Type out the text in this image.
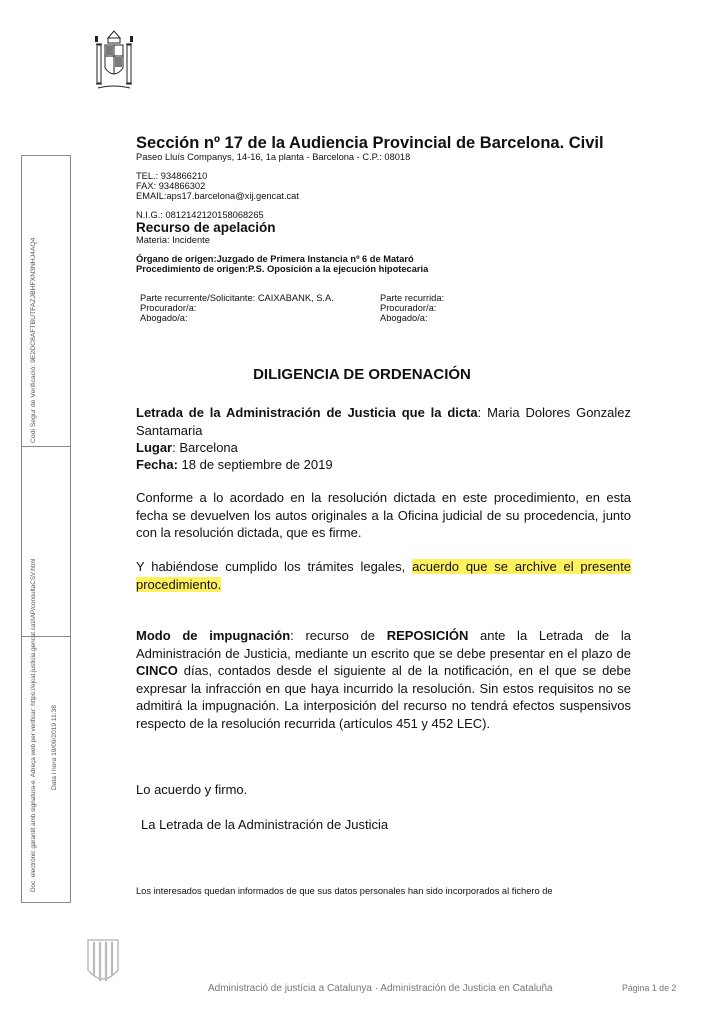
Sección nº 17 de la Audiencia Provincial de Barcelona. Civil
Paseo Lluís Companys, 14-16, 1a planta - Barcelona - C.P.: 08018
TEL.: 934866210
FAX: 934866302
EMAIL:aps17.barcelona@xij.gencat.cat
N.I.G.: 0812142120158068265
Recurso de apelación
Materia: Incidente
Órgano de origen:Juzgado de Primera Instancia nº 6 de Mataró
Procedimiento de origen:P.S. Oposición a la ejecución hipotecaria
Parte recurrente/Solicitante: CAIXABANK, S.A.
Procurador/a:
Abogado/a:
Parte recurrida:
Procurador/a:
Abogado/a:
Codi Segur de Verificació: 9E2DC8AFTBUTFAZJBHFXN3NHJ4AQ4
Doc. electrònic garantit amb signatura-e. Adreça web per verificar: https://ejcat.justicia.gencat.cat/IAP/consultaCSV.html Data i hora 19/09/2019 11:38
DILIGENCIA DE ORDENACIÓN
Letrada de la Administración de Justicia que la dicta: Maria Dolores Gonzalez Santamaria
Lugar: Barcelona
Fecha: 18 de septiembre de 2019
Conforme a lo acordado en la resolución dictada en este procedimiento, en esta fecha se devuelven los autos originales a la Oficina judicial de su procedencia, junto con la resolución dictada, que es firme.
Y habiéndose cumplido los trámites legales, acuerdo que se archive el presente procedimiento.
Modo de impugnación: recurso de REPOSICIÓN ante la Letrada de la Administración de Justicia, mediante un escrito que se debe presentar en el plazo de CINCO días, contados desde el siguiente al de la notificación, en el que se debe expresar la infracción en que haya incurrido la resolución. Sin estos requisitos no se admitirá la impugnación. La interposición del recurso no tendrá efectos suspensivos respecto de la resolución recurrida (artículos 451 y 452 LEC).
Lo acuerdo y firmo.
La Letrada de la Administración de Justicia
Los interesados quedan informados de que sus datos personales han sido incorporados al fichero de
Administració de justícia a Catalunya · Administración de Justicia en Cataluña	Página 1 de 2
